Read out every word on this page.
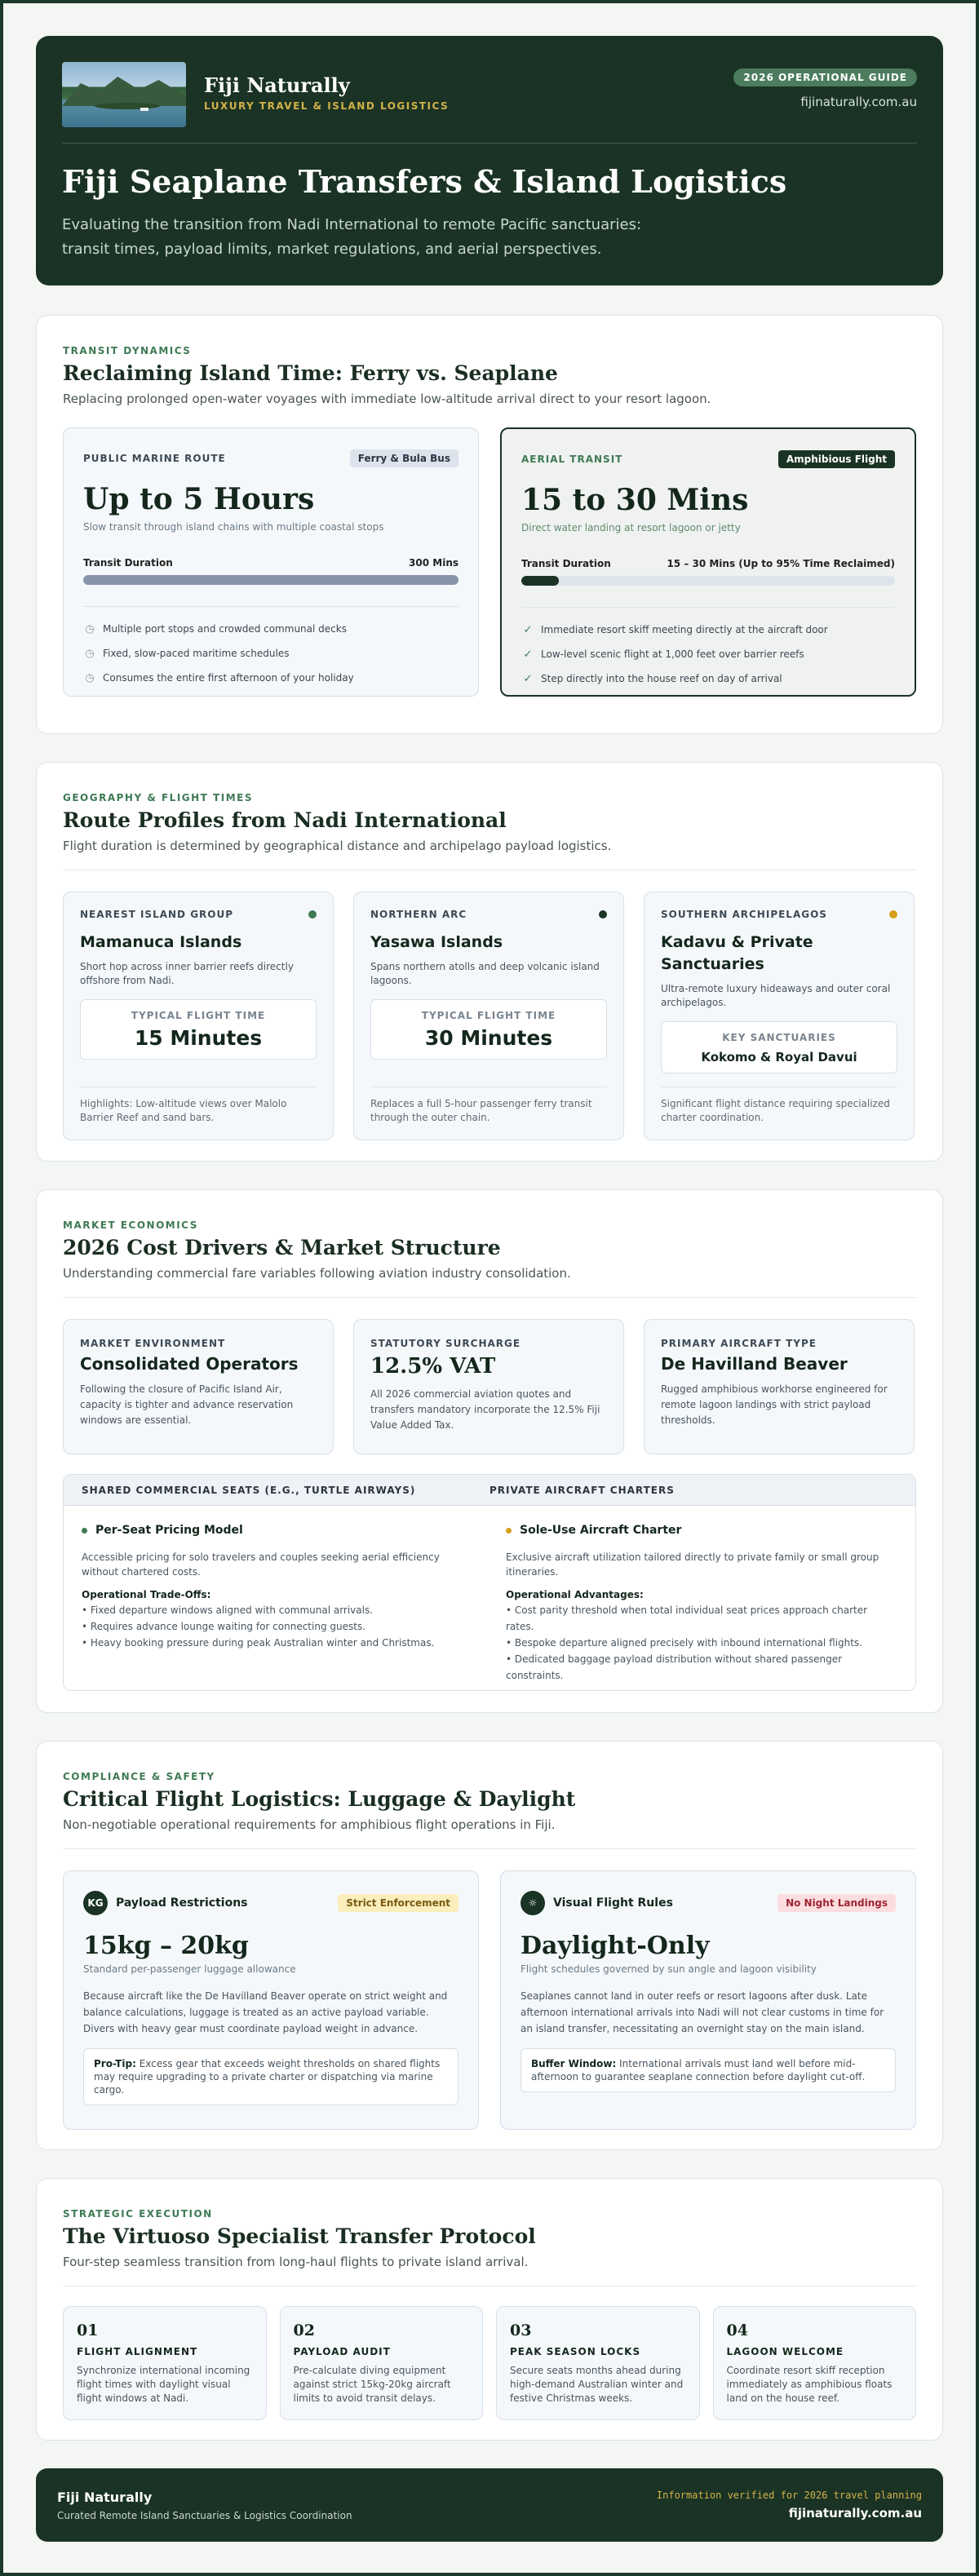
Fiji Naturally
LUXURY TRAVEL & ISLAND LOGISTICS
2026 OPERATIONAL GUIDE
fijinaturally.com.au
Fiji Seaplane Transfers & Island Logistics
Evaluating the transition from Nadi International to remote Pacific sanctuaries: transit times, payload limits, market regulations, and aerial perspectives.
TRANSIT DYNAMICS
Reclaiming Island Time: Ferry vs. Seaplane
Replacing prolonged open-water voyages with immediate low-altitude arrival direct to your resort lagoon.
PUBLIC MARINE ROUTE	Ferry & Bula Bus
Up to 5 Hours
Slow transit through island chains with multiple coastal stops
Transit Duration	300 Mins
◷ Multiple port stops and crowded communal decks
◷ Fixed, slow-paced maritime schedules
◷ Consumes the entire first afternoon of your holiday
AERIAL TRANSIT	Amphibious Flight
15 to 30 Mins
Direct water landing at resort lagoon or jetty
Transit Duration	15 – 30 Mins (Up to 95% Time Reclaimed)
✓ Immediate resort skiff meeting directly at the aircraft door
✓ Low-level scenic flight at 1,000 feet over barrier reefs
✓ Step directly into the house reef on day of arrival
GEOGRAPHY & FLIGHT TIMES
Route Profiles from Nadi International
Flight duration is determined by geographical distance and archipelago payload logistics.
NEAREST ISLAND GROUP
Mamanuca Islands
Short hop across inner barrier reefs directly offshore from Nadi.
TYPICAL FLIGHT TIME
15 Minutes
Highlights: Low-altitude views over Malolo Barrier Reef and sand bars.
NORTHERN ARC
Yasawa Islands
Spans northern atolls and deep volcanic island lagoons.
TYPICAL FLIGHT TIME
30 Minutes
Replaces a full 5-hour passenger ferry transit through the outer chain.
SOUTHERN ARCHIPELAGOS
Kadavu & Private Sanctuaries
Ultra-remote luxury hideaways and outer coral archipelagos.
KEY SANCTUARIES
Kokomo & Royal Davui
Significant flight distance requiring specialized charter coordination.
MARKET ECONOMICS
2026 Cost Drivers & Market Structure
Understanding commercial fare variables following aviation industry consolidation.
MARKET ENVIRONMENT
Consolidated Operators
Following the closure of Pacific Island Air, capacity is tighter and advance reservation windows are essential.
STATUTORY SURCHARGE
12.5% VAT
All 2026 commercial aviation quotes and transfers mandatory incorporate the 12.5% Fiji Value Added Tax.
PRIMARY AIRCRAFT TYPE
De Havilland Beaver
Rugged amphibious workhorse engineered for remote lagoon landings with strict payload thresholds.
SHARED COMMERCIAL SEATS (E.G., TURTLE AIRWAYS)	PRIVATE AIRCRAFT CHARTERS
Per-Seat Pricing Model
Accessible pricing for solo travelers and couples seeking aerial efficiency without chartered costs.
Operational Trade-Offs:
• Fixed departure windows aligned with communal arrivals.
• Requires advance lounge waiting for connecting guests.
• Heavy booking pressure during peak Australian winter and Christmas.
Sole-Use Aircraft Charter
Exclusive aircraft utilization tailored directly to private family or small group itineraries.
Operational Advantages:
• Cost parity threshold when total individual seat prices approach charter rates.
• Bespoke departure aligned precisely with inbound international flights.
• Dedicated baggage payload distribution without shared passenger constraints.
COMPLIANCE & SAFETY
Critical Flight Logistics: Luggage & Daylight
Non-negotiable operational requirements for amphibious flight operations in Fiji.
KG	Payload Restrictions	Strict Enforcement
15kg – 20kg
Standard per-passenger luggage allowance
Because aircraft like the De Havilland Beaver operate on strict weight and balance calculations, luggage is treated as an active payload variable. Divers with heavy gear must coordinate payload weight in advance.
Pro-Tip: Excess gear that exceeds weight thresholds on shared flights may require upgrading to a private charter or dispatching via marine cargo.
☼	Visual Flight Rules	No Night Landings
Daylight-Only
Flight schedules governed by sun angle and lagoon visibility
Seaplanes cannot land in outer reefs or resort lagoons after dusk. Late afternoon international arrivals into Nadi will not clear customs in time for an island transfer, necessitating an overnight stay on the main island.
Buffer Window: International arrivals must land well before mid-afternoon to guarantee seaplane connection before daylight cut-off.
STRATEGIC EXECUTION
The Virtuoso Specialist Transfer Protocol
Four-step seamless transition from long-haul flights to private island arrival.
01
FLIGHT ALIGNMENT
Synchronize international incoming flight times with daylight visual flight windows at Nadi.
02
PAYLOAD AUDIT
Pre-calculate diving equipment against strict 15kg-20kg aircraft limits to avoid transit delays.
03
PEAK SEASON LOCKS
Secure seats months ahead during high-demand Australian winter and festive Christmas weeks.
04
LAGOON WELCOME
Coordinate resort skiff reception immediately as amphibious floats land on the house reef.
Fiji Naturally
Curated Remote Island Sanctuaries & Logistics Coordination
Information verified for 2026 travel planning
fijinaturally.com.au
